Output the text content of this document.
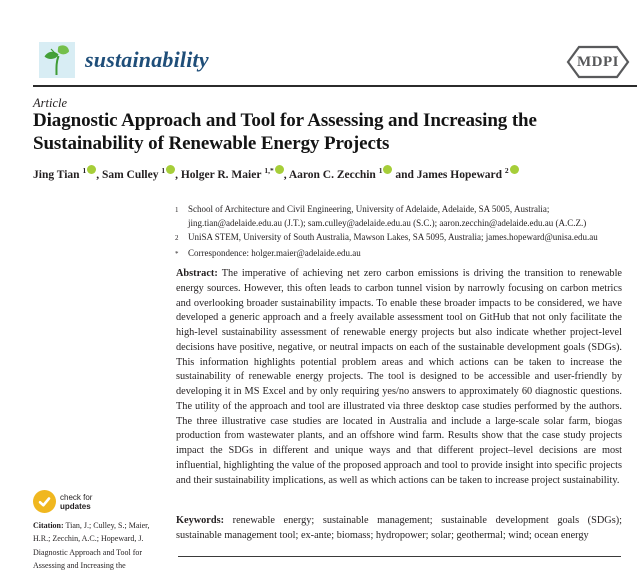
sustainability	MDPI
Article
Diagnostic Approach and Tool for Assessing and Increasing the Sustainability of Renewable Energy Projects
Jing Tian $^1$ , Sam Culley $^1$ , Holger R. Maier $^{1,*}$ , Aaron C. Zecchin $^1$ and James Hopeward $^2$
1	School of Architecture and Civil Engineering, University of Adelaide, Adelaide, SA 5005, Australia; jing.tian@adelaide.edu.au (J.T.); sam.culley@adelaide.edu.au (S.C.); aaron.zecchin@adelaide.edu.au (A.C.Z.)
2	UniSA STEM, University of South Australia, Mawson Lakes, SA 5095, Australia; james.hopeward@unisa.edu.au
*	Correspondence: holger.maier@adelaide.edu.au
Abstract: The imperative of achieving net zero carbon emissions is driving the transition to renewable energy sources. However, this often leads to carbon tunnel vision by narrowly focusing on carbon metrics and overlooking broader sustainability impacts. To enable these broader impacts to be considered, we have developed a generic approach and a freely available assessment tool on GitHub that not only facilitate the high-level sustainability assessment of renewable energy projects but also indicate whether project-level decisions have positive, negative, or neutral impacts on each of the sustainable development goals (SDGs). This information highlights potential problem areas and which actions can be taken to increase the sustainability of renewable energy projects. The tool is designed to be accessible and user-friendly by developing it in MS Excel and by only requiring yes/no answers to approximately 60 diagnostic questions. The utility of the approach and tool are illustrated via three desktop case studies performed by the authors. The three illustrative case studies are located in Australia and include a large-scale solar farm, biogas production from wastewater plants, and an offshore wind farm. Results show that the case study projects impact the SDGs in different and unique ways and that different project–level decisions are most influential, highlighting the value of the proposed approach and tool to provide insight into specific projects and their sustainability implications, as well as which actions can be taken to increase project sustainability.
Keywords: renewable energy; sustainable management; sustainable development goals (SDGs); sustainable management tool; ex-ante; biomass; hydropower; solar; geothermal; wind; ocean energy
check for
updates
Citation: Tian, J.; Culley, S.; Maier, H.R.; Zecchin, A.C.; Hopeward, J. Diagnostic Approach and Tool for Assessing and Increasing the
